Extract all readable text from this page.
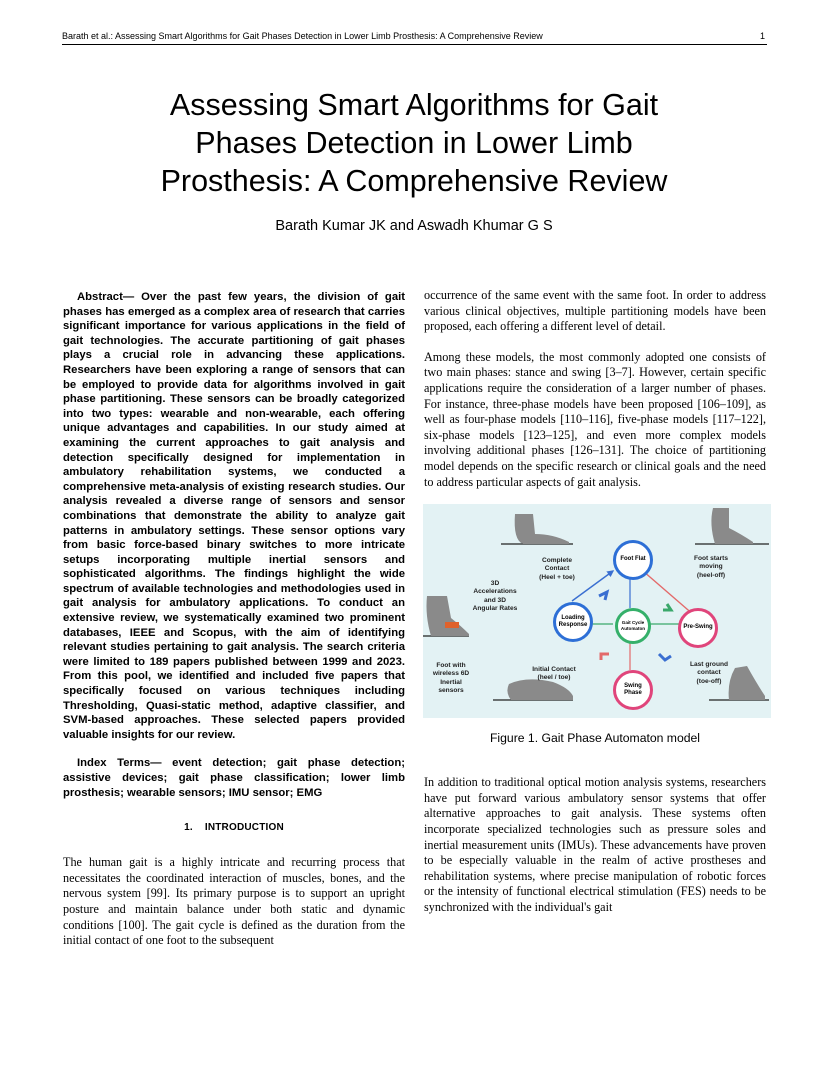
Barath et al.: Assessing Smart Algorithms for Gait Phases Detection in Lower Limb Prosthesis: A Comprehensive Review	1
Assessing Smart Algorithms for Gait
Phases Detection in Lower Limb
Prosthesis: A Comprehensive Review
Barath Kumar JK and Aswadh Khumar G S

Abstract— Over the past few years, the division of gait phases has emerged as a complex area of research that carries significant importance for various applications in the field of gait technologies. The accurate partitioning of gait phases plays a crucial role in advancing these applications. Researchers have been exploring a range of sensors that can be employed to provide data for algorithms involved in gait phase partitioning. These sensors can be broadly categorized into two types: wearable and non-wearable, each offering unique advantages and capabilities. In our study aimed at examining the current approaches to gait analysis and detection specifically designed for implementation in ambulatory rehabilitation systems, we conducted a comprehensive meta-analysis of existing research studies. Our analysis revealed a diverse range of sensors and sensor combinations that demonstrate the ability to analyze gait patterns in ambulatory settings. These sensor options vary from basic force-based binary switches to more intricate setups incorporating multiple inertial sensors and sophisticated algorithms. The findings highlight the wide spectrum of available technologies and methodologies used in gait analysis for ambulatory applications. To conduct an extensive review, we systematically examined two prominent databases, IEEE and Scopus, with the aim of identifying relevant studies pertaining to gait analysis. The search criteria were limited to 189 papers published between 1999 and 2023. From this pool, we identified and included five papers that specifically focused on various techniques including Thresholding, Quasi-static method, adaptive classifier, and SVM-based approaches. These selected papers provided valuable insights for our review.

Index Terms— event detection; gait phase detection; assistive devices; gait phase classification; lower limb prosthesis; wearable sensors; IMU sensor; EMG

1. INTRODUCTION

The human gait is a highly intricate and recurring process that necessitates the coordinated interaction of muscles, bones, and the nervous system [99]. Its primary purpose is to support an upright posture and maintain balance under both static and dynamic conditions [100]. The gait cycle is defined as the duration from the initial contact of one foot to the subsequent

occurrence of the same event with the same foot. In order to address various clinical objectives, multiple partitioning models have been proposed, each offering a different level of detail.

Among these models, the most commonly adopted one consists of two main phases: stance and swing [3–7]. However, certain specific applications require the consideration of a larger number of phases. For instance, three-phase models have been proposed [106–109], as well as four-phase models [110–116], five-phase models [117–122], six-phase models [123–125], and even more complex models involving additional phases [126–131]. The choice of partitioning model depends on the specific research or clinical goals and the need to address particular aspects of gait analysis.

Foot Flat
Loading
Response	Gait Cycle
Automaton	Pre-Swing
Swing
Phase
Complete
Contact
(Heel + toe)
Foot starts
moving
(heel-off)
3D
Accelerations
and 3D
Angular Rates
Foot with
wireless 6D
Inertial
sensors
Initial Contact
(heel / toe)
Last ground
contact
(toe-off)
Figure 1. Gait Phase Automaton model

In addition to traditional optical motion analysis systems, researchers have put forward various ambulatory sensor systems that offer alternative approaches to gait analysis. These systems often incorporate specialized technologies such as pressure soles and inertial measurement units (IMUs). These advancements have proven to be especially valuable in the realm of active prostheses and rehabilitation systems, where precise manipulation of robotic forces or the intensity of functional electrical stimulation (FES) needs to be synchronized with the individual's gait
